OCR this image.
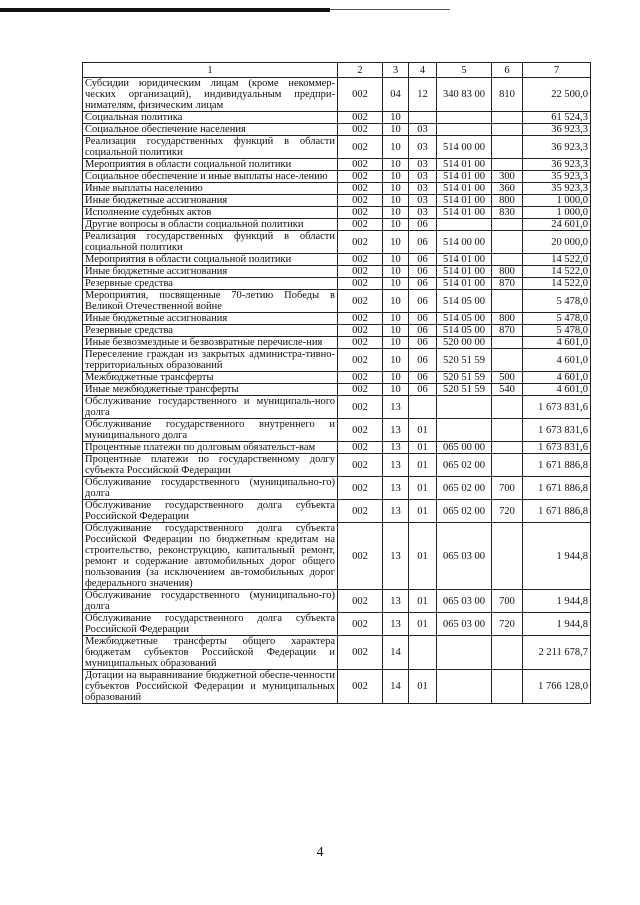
1	2	3	4	5	6	7
Субсидии юридическим лицам (кроме некоммер-ческих организаций), индивидуальным предпри-нимателям, физическим лицам	002	04	12	340 83 00	810	22 500,0
Социальная политика	002	10				61 524,3
Социальное обеспечение населения	002	10	03			36 923,3
Реализация государственных функций в области социальной политики	002	10	03	514 00 00		36 923,3
Мероприятия в области социальной политики	002	10	03	514 01 00		36 923,3
Социальное обеспечение и иные выплаты насе-лению	002	10	03	514 01 00	300	35 923,3
Иные выплаты населению	002	10	03	514 01 00	360	35 923,3
Иные бюджетные ассигнования	002	10	03	514 01 00	800	1 000,0
Исполнение судебных актов	002	10	03	514 01 00	830	1 000,0
Другие вопросы в области социальной политики	002	10	06			24 601,0
Реализация государственных функций в области социальной политики	002	10	06	514 00 00		20 000,0
Мероприятия в области социальной политики	002	10	06	514 01 00		14 522,0
Иные бюджетные ассигнования	002	10	06	514 01 00	800	14 522,0
Резервные средства	002	10	06	514 01 00	870	14 522,0
Мероприятия, посвященные 70-летию Победы в Великой Отечественной войне	002	10	06	514 05 00		5 478,0
Иные бюджетные ассигнования	002	10	06	514 05 00	800	5 478,0
Резервные средства	002	10	06	514 05 00	870	5 478,0
Иные безвозмездные и безвозвратные перечисле-ния	002	10	06	520 00 00		4 601,0
Переселение граждан из закрытых администра-тивно-территориальных образований	002	10	06	520 51 59		4 601,0
Межбюджетные трансферты	002	10	06	520 51 59	500	4 601,0
Иные межбюджетные трансферты	002	10	06	520 51 59	540	4 601,0
Обслуживание государственного и муниципаль-ного долга	002	13				1 673 831,6
Обслуживание государственного внутреннего и муниципального долга	002	13	01			1 673 831,6
Процентные платежи по долговым обязательст-вам	002	13	01	065 00 00		1 673 831,6
Процентные платежи по государственному долгу субъекта Российской Федерации	002	13	01	065 02 00		1 671 886,8
Обслуживание государственного (муниципально-го) долга	002	13	01	065 02 00	700	1 671 886,8
Обслуживание государственного долга субъекта Российской Федерации	002	13	01	065 02 00	720	1 671 886,8
Обслуживание государственного долга субъекта Российской Федерации по бюджетным кредитам на строительство, реконструкцию, капитальный ремонт, ремонт и содержание автомобильных дорог общего пользования (за исключением ав-томобильных дорог федерального значения)	002	13	01	065 03 00		1 944,8
Обслуживание государственного (муниципально-го) долга	002	13	01	065 03 00	700	1 944,8
Обслуживание государственного долга субъекта Российской Федерации	002	13	01	065 03 00	720	1 944,8
Межбюджетные трансферты общего характера бюджетам субъектов Российской Федерации и муниципальных образований	002	14				2 211 678,7
Дотации на выравнивание бюджетной обеспе-ченности субъектов Российской Федерации и муниципальных образований	002	14	01			1 766 128,0
4
